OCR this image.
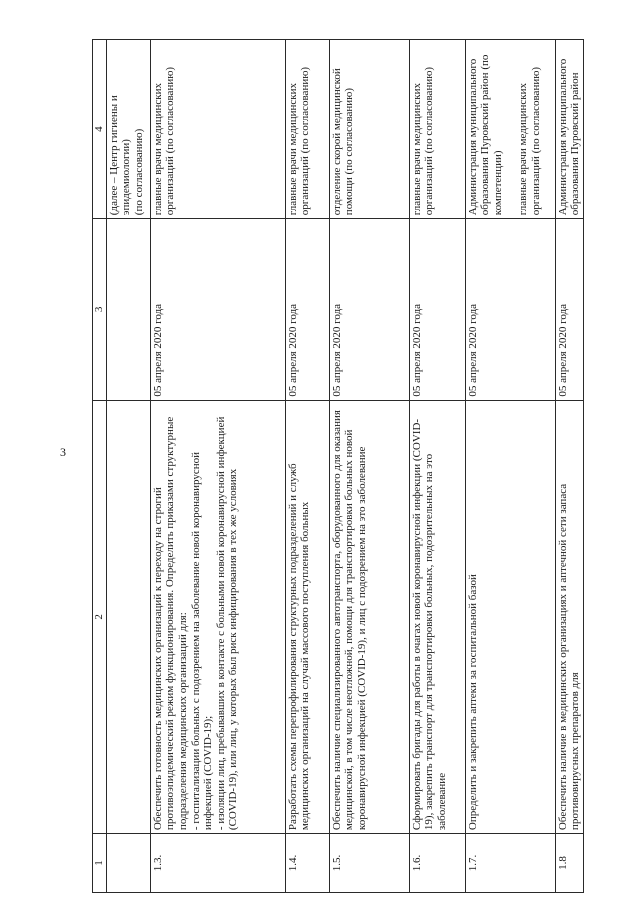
3
1	2	3	4
			(далее – Центр гигиены и эпидемиологии)
(по согласованию)
1.3.	Обеспечить готовность медицинских организаций к переходу на строгий противоэпидемический режим функционирования. Определить приказами структурные подразделения медицинских организаций для:
- госпитализации больных с подозрением на заболевание новой коронавирусной инфекцией (COVID-19);
- изоляции лиц, пребывавших в контакте с больными новой коронавирусной инфекцией (COVID-19), или лиц, у которых был риск инфицирования в тех же условиях	05 апреля 2020 года	главные врачи медицинских организаций (по согласованию)
1.4.	Разработать схемы перепрофилирования структурных подразделений и служб медицинских организаций на случай массового поступления больных	05 апреля 2020 года	главные врачи медицинских организаций (по согласованию)
1.5.	Обеспечить наличие специализированного автотранспорта, оборудованного для оказания медицинской, в том числе неотложной, помощи для транспортировки больных новой коронавирусной инфекцией (COVID-19), и лиц с подозрением на это заболевание	05 апреля 2020 года	отделение скорой медицинской помощи (по согласованию)
1.6.	Сформировать бригады для работы в очагах новой коронавирусной инфекции (COVID-19), закрепить транспорт для транспортировки больных, подозрительных на это заболевание	05 апреля 2020 года	главные врачи медицинских организаций (по согласованию)
1.7.	Определить и закрепить аптеки за госпитальной базой	05 апреля 2020 года	Администрация муниципального образования Пуровский район (по компетенции)

главные врачи медицинских организаций (по согласованию)
1.8	Обеспечить наличие в медицинских организациях и аптечной сети запаса противовирусных препаратов для	05 апреля 2020 года	Администрация муниципального образования Пуровский район
